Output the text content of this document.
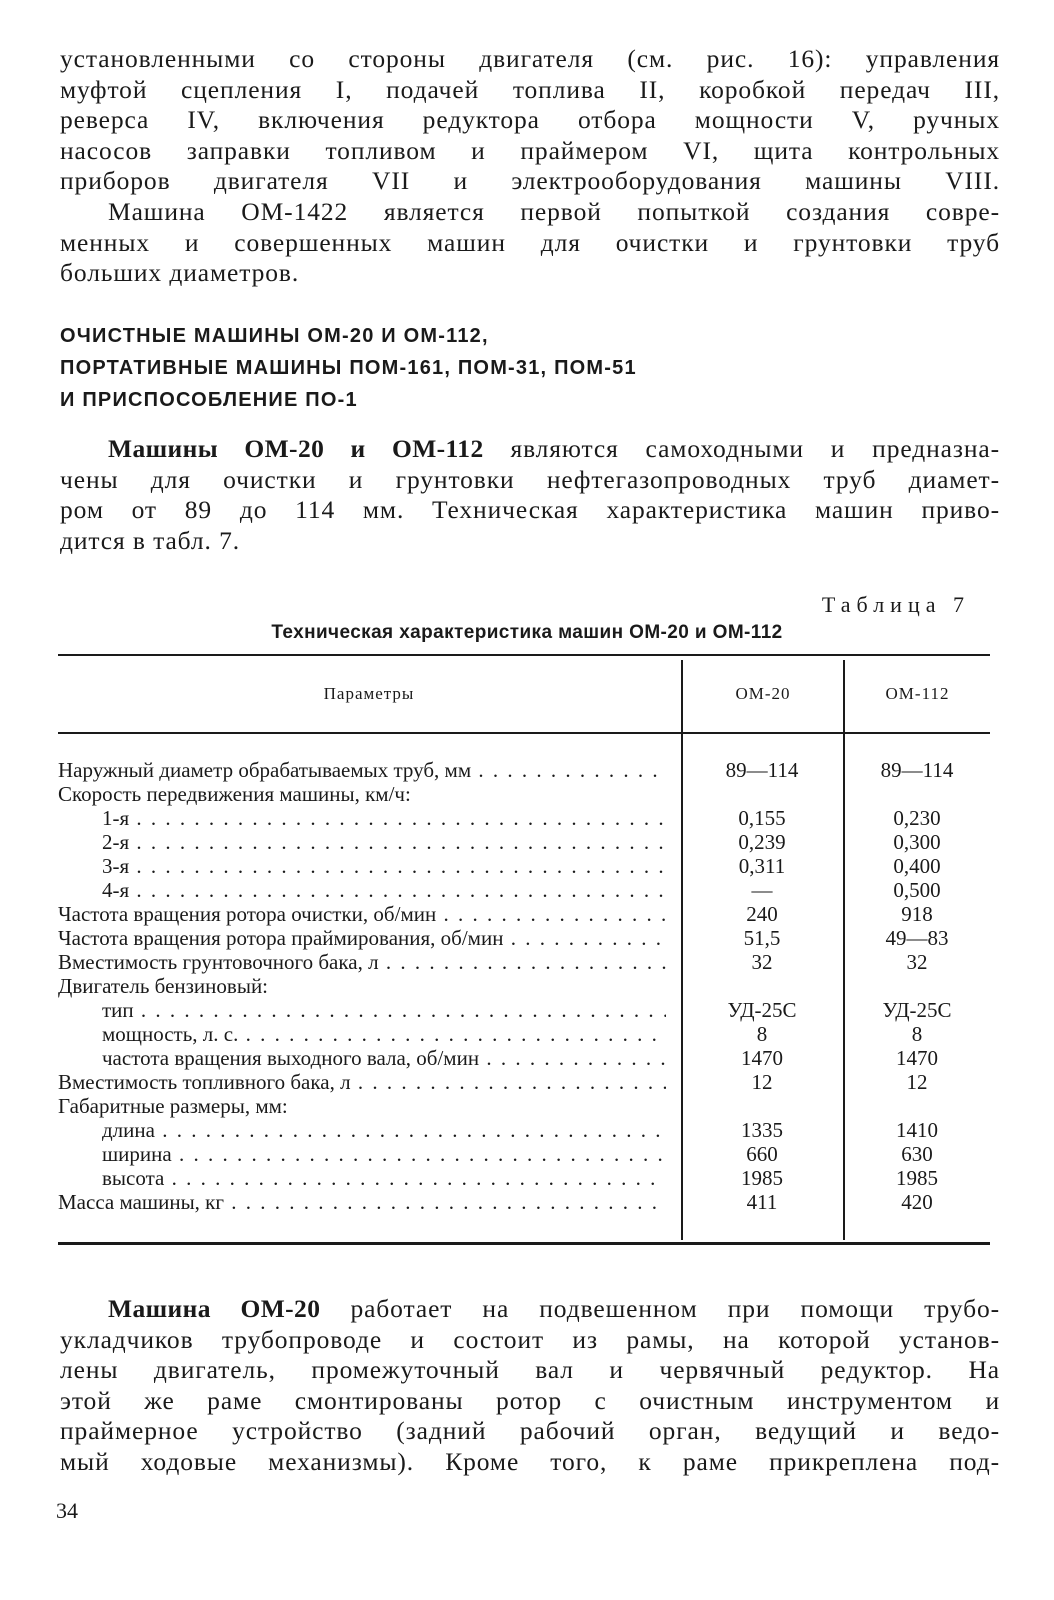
установленными со стороны двигателя (см. рис. 16): управления
муфтой сцепления I, подачей топлива II, коробкой передач III,
реверса IV, включения редуктора отбора мощности V, ручных
насосов заправки топливом и праймером VI, щита контрольных
приборов двигателя VII и электрооборудования машины VIII.
Машина ОМ-1422 является первой попыткой создания совре-
менных и совершенных машин для очистки и грунтовки труб
больших диаметров.
ОЧИСТНЫЕ МАШИНЫ ОМ-20 И ОМ-112,
ПОРТАТИВНЫЕ МАШИНЫ ПОМ-161, ПОМ-31, ПОМ-51
И ПРИСПОСОБЛЕНИЕ ПО-1
Машины ОМ-20 и ОМ-112 являются самоходными и предназна-
чены для очистки и грунтовки нефтегазопроводных труб диамет-
ром от 89 до 114 мм. Техническая характеристика машин приво-
дится в табл. 7.
Таблица 7
Техническая характеристика машин ОМ-20 и ОМ-112
Параметры	ОМ-20	ОМ-112
Наружный диаметр обрабатываемых труб, мм . . .	89—114	89—114
Скорость передвижения машины, км/ч:
1-я . . .	0,155	0,230
2-я . . .	0,239	0,300
3-я . . .	0,311	0,400
4-я . . .	—	0,500
Частота вращения ротора очистки, об/мин . . .	240	918
Частота вращения ротора праймирования, об/мин . . .	51,5	49—83
Вместимость грунтовочного бака, л . . .	32	32
Двигатель бензиновый:
тип . . .	УД-25С	УД-25С
мощность, л. с. . . .	8	8
частота вращения выходного вала, об/мин . . .	1470	1470
Вместимость топливного бака, л . . .	12	12
Габаритные размеры, мм:
длина . . .	1335	1410
ширина . . .	660	630
высота . . .	1985	1985
Масса машины, кг . . .	411	420
Машина ОМ-20 работает на подвешенном при помощи трубо-
укладчиков трубопроводе и состоит из рамы, на которой установ-
лены двигатель, промежуточный вал и червячный редуктор. На
этой же раме смонтированы ротор с очистным инструментом и
праймерное устройство (задний рабочий орган, ведущий и ведо-
мый ходовые механизмы). Кроме того, к раме прикреплена под-
34
